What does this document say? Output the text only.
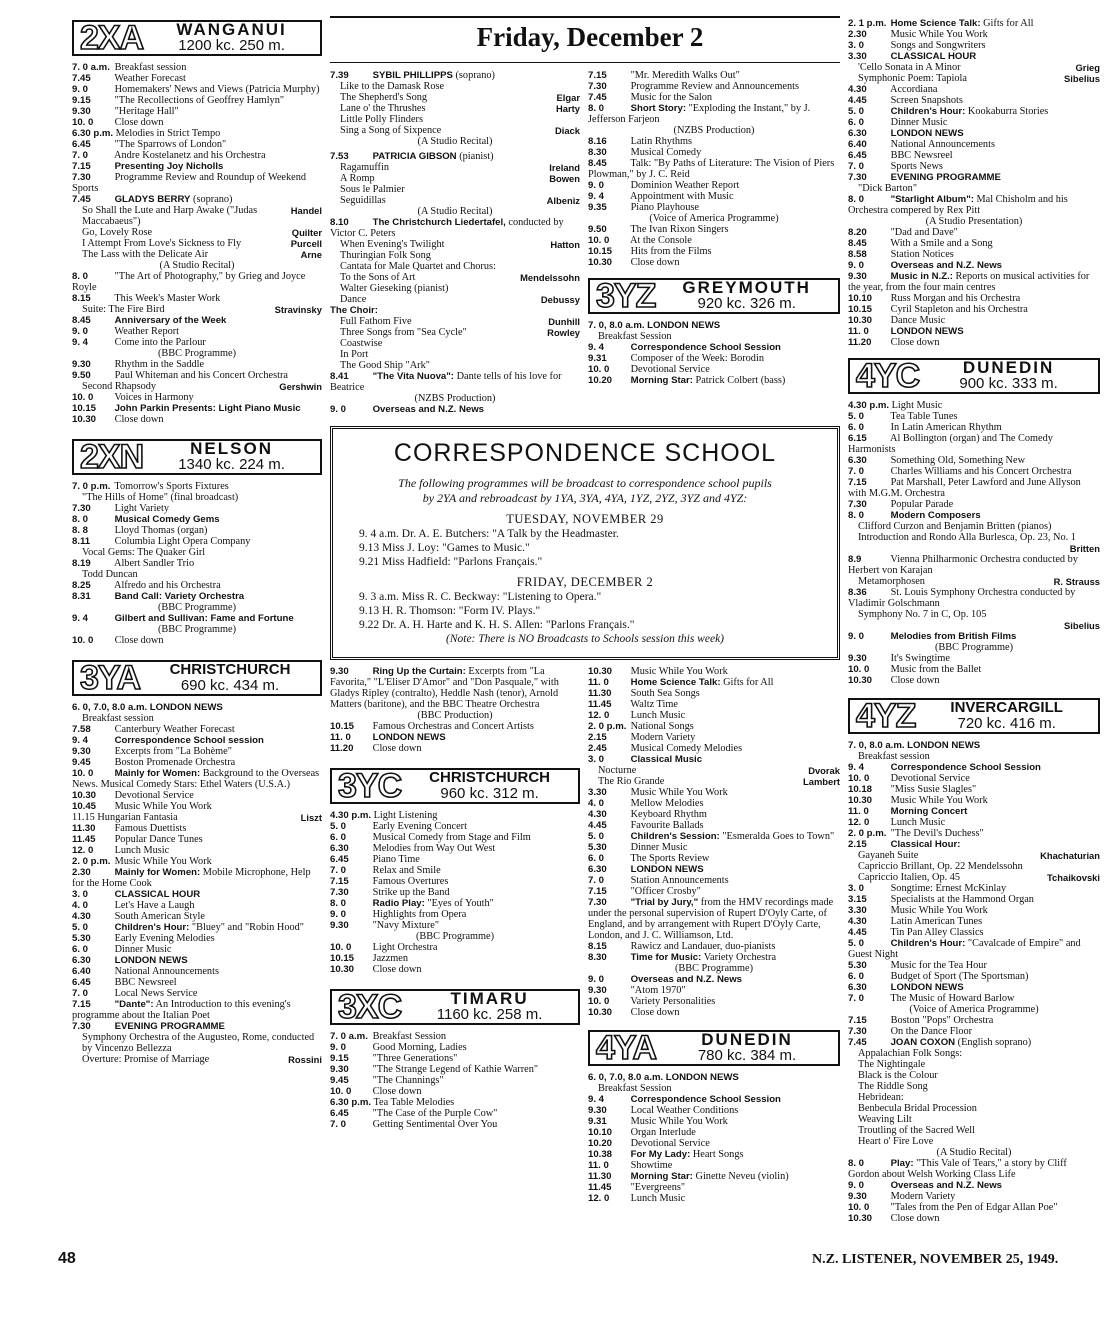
Friday, December 2
2XA	WANGANUI
1200 kc. 250 m.
7. 0 a.m. Breakfast session
7.45 Weather Forecast
9. 0 Homemakers' News and Views (Patricia Murphy)
9.15 "The Recollections of Geoffrey Hamlyn"
9.30 "Heritage Hall"
10. 0 Close down
6.30 p.m. Melodies in Strict Tempo
6.45 "The Sparrows of London"
7. 0 Andre Kostelanetz and his Orchestra
7.15 Presenting Joy Nicholls
7.30 Programme Review and Roundup of Weekend Sports
7.45 GLADYS BERRY (soprano)
So Shall the Lute and Harp Awake ("Judas Maccabaeus")
Handel
Go, Lovely Rose	Quilter
I Attempt From Love's Sickness to Fly	Purcell
The Lass with the Delicate Air	Arne
(A Studio Recital)
8. 0 "The Art of Photography," by Grieg and Joyce Royle
8.15 This Week's Master Work
Suite: The Fire Bird	Stravinsky
8.45 Anniversary of the Week
9. 0 Weather Report
9. 4 Come into the Parlour
(BBC Programme)
9.30 Rhythm in the Saddle
9.50 Paul Whiteman and his Concert Orchestra
Second Rhapsody	Gershwin
10. 0 Voices in Harmony
10.15 John Parkin Presents: Light Piano Music
10.30 Close down
2XN	NELSON
1340 kc. 224 m.
7. 0 p.m. Tomorrow's Sports Fixtures
"The Hills of Home" (final broadcast)
7.30 Light Variety
8. 0	Musical Comedy Gems
8. 8 Lloyd Thomas (organ)
8.11 Columbia Light Opera Company
Vocal Gems: The Quaker Girl
8.19 Albert Sandler Trio
Todd Duncan
8.25 Alfredo and his Orchestra
8.31 Band Call: Variety Orchestra
(BBC Programme)
9. 4	Gilbert and Sullivan: Fame and Fortune
(BBC Programme)
10. 0 Close down
3YA	CHRISTCHURCH
690 kc. 434 m.
6. 0, 7.0, 8.0 a.m. LONDON NEWS
Breakfast session
7.58 Canterbury Weather Forecast
9. 4	Correspondence School session
9.30 Excerpts from "La Bohème"
9.45 Boston Promenade Orchestra
10. 0 Mainly for Women: Background to the Overseas News. Musical Comedy Stars: Ethel Waters (U.S.A.)
10.30 Devotional Service
10.45 Music While You Work
11.15 Hungarian Fantasia	Liszt
11.30 Famous Duettists
11.45 Popular Dance Tunes
12. 0 Lunch Music
2. 0 p.m. Music While You Work
2.30 Mainly for Women: Mobile Microphone, Help for the Home Cook
3. 0	CLASSICAL HOUR
4. 0 Let's Have a Laugh
4.30 South American Style
5. 0	Children's Hour: "Bluey" and "Robin Hood"
5.30 Early Evening Melodies
6. 0 Dinner Music
6.30 LONDON NEWS
6.40 National Announcements
6.45 BBC Newsreel
7. 0 Local News Service
7.15 "Dante": An Introduction to this evening's programme about the Italian Poet
7.30 EVENING PROGRAMME
Symphony Orchestra of the Augusteo, Rome, conducted by Vincenzo Bellezza
Overture: Promise of Marriage	Rossini
7.39 SYBIL PHILLIPPS (soprano)
Like to the Damask Rose
The Shepherd's Song	Elgar
Lane o' the Thrushes	Harty
Little Polly Flinders
Sing a Song of Sixpence	Diack
(A Studio Recital)
7.53 PATRICIA GIBSON (pianist)
Ragamuffin	Ireland
A Romp	Bowen
Sous le Palmier
Seguidillas	Albeniz
(A Studio Recital)
8.10 The Christchurch Liedertafel, conducted by Victor C. Peters
When Evening's Twilight	Hatton
Thuringian Folk Song
Cantata for Male Quartet and Chorus:
To the Sons of Art	Mendelssohn
Walter Gieseking (pianist)
Dance	Debussy
The Choir:
Full Fathom Five	Dunhill
Three Songs from "Sea Cycle"	Rowley
Coastwise
In Port
The Good Ship "Ark"
8.41 "The Vita Nuova": Dante tells of his love for Beatrice
(NZBS Production)
9. 0	Overseas and N.Z. News
7.15 "Mr. Meredith Walks Out"
7.30 Programme Review and Announcements
7.45 Music for the Salon
8. 0	Short Story: "Exploding the Instant," by J. Jefferson Farjeon
(NZBS Production)
8.16 Latin Rhythms
8.30 Musical Comedy
8.45 Talk: "By Paths of Literature: The Vision of Piers Plowman," by J. C. Reid
9. 0 Dominion Weather Report
9. 4 Appointment with Music
9.35 Piano Playhouse
(Voice of America Programme)
9.50 The Ivan Rixon Singers
10. 0 At the Console
10.15 Hits from the Films
10.30 Close down
3YZ	GREYMOUTH
920 kc. 326 m.
7. 0, 8.0 a.m. LONDON NEWS
Breakfast Session
9. 4	Correspondence School Session
9.31 Composer of the Week: Borodin
10. 0 Devotional Service
10.20 Morning Star: Patrick Colbert (bass)
CORRESPONDENCE SCHOOL
The following programmes will be broadcast to correspondence school pupils
by 2YA and rebroadcast by 1YA, 3YA, 4YA, 1YZ, 2YZ, 3YZ and 4YZ:
TUESDAY, NOVEMBER 29
9. 4 a.m. Dr. A. E. Butchers: "A Talk by the Headmaster.
9.13 Miss J. Loy: "Games to Music."
9.21 Miss Hadfield: "Parlons Français."
FRIDAY, DECEMBER 2
9. 3 a.m. Miss R. C. Beckway: "Listening to Opera."
9.13 H. R. Thomson: "Form IV. Plays."
9.22 Dr. A. H. Harte and K. H. S. Allen: "Parlons Français."
(Note: There is NO Broadcasts to Schools session this week)
9.30 Ring Up the Curtain: Excerpts from "La Favorita," "L'Eliser D'Amor" and "Don Pasquale," with Gladys Ripley (contralto), Heddle Nash (tenor), Arnold Matters (baritone), and the BBC Theatre Orchestra
(BBC Production)
10.15 Famous Orchestras and Concert Artists
11. 0 LONDON NEWS
11.20 Close down
3YC	CHRISTCHURCH
960 kc. 312 m.
4.30 p.m. Light Listening
5. 0 Early Evening Concert
6. 0 Musical Comedy from Stage and Film
6.30 Melodies from Way Out West
6.45 Piano Time
7. 0 Relax and Smile
7.15 Famous Overtures
7.30 Strike up the Band
8. 0	Radio Play: "Eyes of Youth"
9. 0 Highlights from Opera
9.30 "Navy Mixture"
(BBC Programme)
10. 0 Light Orchestra
10.15 Jazzmen
10.30 Close down
3XC	TIMARU
1160 kc. 258 m.
7. 0 a.m. Breakfast Session
9. 0 Good Morning, Ladies
9.15 "Three Generations"
9.30 "The Strange Legend of Kathie Warren"
9.45 "The Channings"
10. 0 Close down
6.30 p.m. Tea Table Melodies
6.45 "The Case of the Purple Cow"
7. 0 Getting Sentimental Over You
10.30 Music While You Work
11. 0 Home Science Talk: Gifts for All
11.30 South Sea Songs
11.45 Waltz Time
12. 0 Lunch Music
2. 0 p.m. National Songs
2.15 Modern Variety
2.45 Musical Comedy Melodies
3. 0	Classical Music
Nocturne	Dvorak
The Rio Grande	Lambert
3.30 Music While You Work
4. 0 Mellow Melodies
4.30 Keyboard Rhythm
4.45 Favourite Ballads
5. 0	Children's Session: "Esmeralda Goes to Town"
5.30 Dinner Music
6. 0 The Sports Review
6.30 LONDON NEWS
7. 0 Station Announcements
7.15 "Officer Crosby"
7.30 "Trial by Jury," from the HMV recordings made under the personal supervision of Rupert D'Oyly Carte, of England, and by arrangement with Rupert D'Oyly Carte, London, and J. C. Williamson, Ltd.
8.15 Rawicz and Landauer, duo-pianists
8.30 Time for Music: Variety Orchestra
(BBC Programme)
9. 0	Overseas and N.Z. News
9.30 "Atom 1970"
10. 0 Variety Personalities
10.30 Close down
4YA	DUNEDIN
780 kc. 384 m.
6. 0, 7.0, 8.0 a.m. LONDON NEWS
Breakfast Session
9. 4	Correspondence School Session
9.30 Local Weather Conditions
9.31 Music While You Work
10.10 Organ Interlude
10.20 Devotional Service
10.38 For My Lady: Heart Songs
11. 0 Showtime
11.30 Morning Star: Ginette Neveu (violin)
11.45 "Evergreens"
12. 0 Lunch Music
2. 1 p.m. Home Science Talk: Gifts for All
2.30 Music While You Work
3. 0 Songs and Songwriters
3.30 CLASSICAL HOUR
'Cello Sonata in A Minor	Grieg
Symphonic Poem: Tapiola	Sibelius
4.30 Accordiana
4.45 Screen Snapshots
5. 0	Children's Hour: Kookaburra Stories
6. 0 Dinner Music
6.30 LONDON NEWS
6.40 National Announcements
6.45 BBC Newsreel
7. 0 Sports News
7.30 EVENING PROGRAMME
"Dick Barton"
8. 0	"Starlight Album": Mal Chisholm and his Orchestra compered by Rex Pitt
(A Studio Presentation)
8.20 "Dad and Dave"
8.45 With a Smile and a Song
8.58 Station Notices
9. 0	Overseas and N.Z. News
9.30 Music in N.Z.: Reports on musical activities for the year, from the four main centres
10.10 Russ Morgan and his Orchestra
10.15 Cyril Stapleton and his Orchestra
10.30 Dance Music
11. 0 LONDON NEWS
11.20 Close down
4YC	DUNEDIN
900 kc. 333 m.
4.30 p.m. Light Music
5. 0 Tea Table Tunes
6. 0 In Latin American Rhythm
6.15 Al Bollington (organ) and The Comedy Harmonists
6.30 Something Old, Something New
7. 0 Charles Williams and his Concert Orchestra
7.15 Pat Marshall, Peter Lawford and June Allyson with M.G.M. Orchestra
7.30 Popular Parade
8. 0	Modern Composers
Clifford Curzon and Benjamin Britten (pianos)
Introduction and Rondo Alla Burlesca, Op. 23, No. 1
Britten
8.9	Vienna Philharmonic Orchestra conducted by Herbert von Karajan
Metamorphosen	R. Strauss
8.36 St. Louis Symphony Orchestra conducted by Vladimir Golschmann
Symphony No. 7 in C, Op. 105
Sibelius
9. 0	Melodies from British Films
(BBC Programme)
9.30 It's Swingtime
10. 0 Music from the Ballet
10.30 Close down
4YZ	INVERCARGILL
720 kc. 416 m.
7. 0, 8.0 a.m. LONDON NEWS
Breakfast session
9. 4	Correspondence School Session
10. 0 Devotional Service
10.18 "Miss Susie Slagles"
10.30 Music While You Work
11. 0 Morning Concert
12. 0 Lunch Music
2. 0 p.m. "The Devil's Duchess"
2.15 Classical Hour:
Gayaneh Suite	Khachaturian
Capriccio Brillant, Op. 22 Mendelssohn
Capriccio Italien, Op. 45	Tchaikovski
3. 0 Songtime: Ernest McKinlay
3.15 Specialists at the Hammond Organ
3.30 Music While You Work
4.30 Latin American Tunes
4.45 Tin Pan Alley Classics
5. 0	Children's Hour: "Cavalcade of Empire" and Guest Night
5.30 Music for the Tea Hour
6. 0 Budget of Sport (The Sportsman)
6.30 LONDON NEWS
7. 0 The Music of Howard Barlow
(Voice of America Programme)
7.15 Boston "Pops" Orchestra
7.30 On the Dance Floor
7.45 JOAN COXON (English soprano)
Appalachian Folk Songs:
The Nightingale
Black is the Colour
The Riddle Song
Hebridean:
Benbecula Bridal Procession
Weaving Lilt
Troutling of the Sacred Well
Heart o' Fire Love
(A Studio Recital)
8. 0	Play: "This Vale of Tears," a story by Cliff Gordon about Welsh Working Class Life
9. 0	Overseas and N.Z. News
9.30 Modern Variety
10. 0 "Tales from the Pen of Edgar Allan Poe"
10.30 Close down
48	N.Z. LISTENER, NOVEMBER 25, 1949.
